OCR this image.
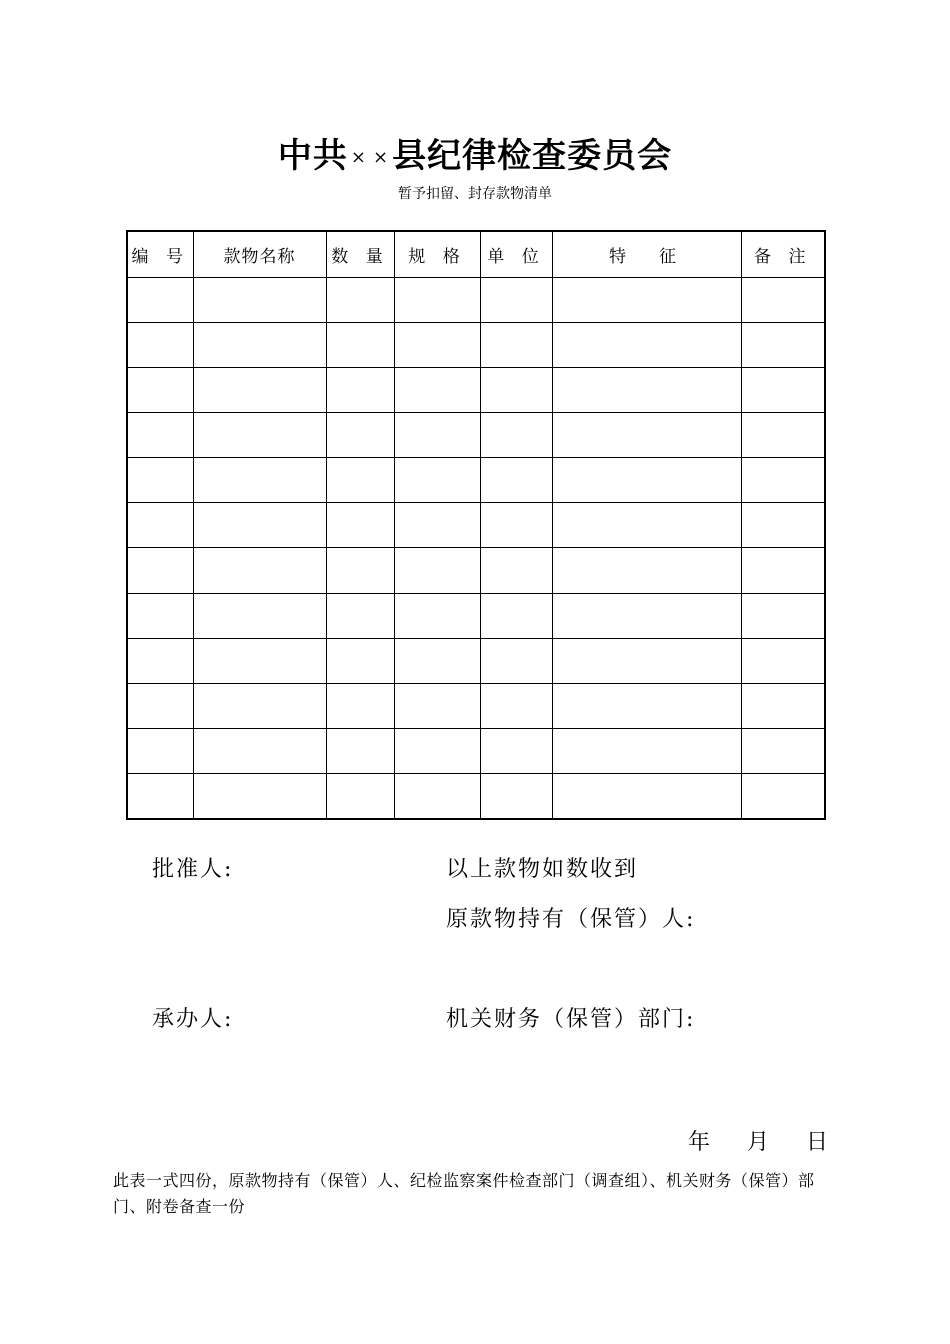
中共 × ×县纪律检查委员会
暂予扣留、封存款物清单
编 号	款物名称	数 量	规 格	单 位	特　征	备 注

批准人:	以上款物如数收到
原款物持有（保管）人:
承办人:	机关财务（保管）部门:
年 月 日
此表一式四份，原款物持有（保管）人、纪检监察案件检查部门（调查组）、机关财务（保管）部门、附卷备查一份
